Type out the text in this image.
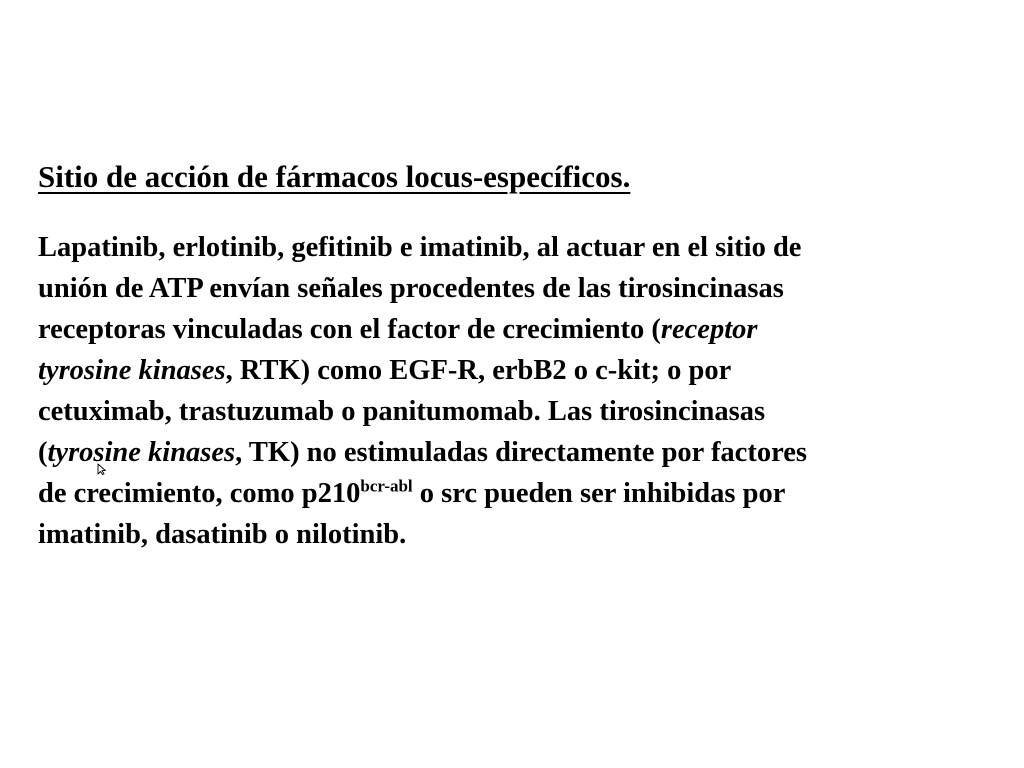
Sitio de acción de fármacos locus-específicos.
Lapatinib, erlotinib, gefitinib e imatinib, al actuar en el sitio de
unión de ATP envían señales procedentes de las tirosincinasas
receptoras vinculadas con el factor de crecimiento (receptor
tyrosine kinases, RTK) como EGF-R, erbB2 o c-kit; o por
cetuximab, trastuzumab o panitumomab. Las tirosincinasas
(tyrosine kinases, TK) no estimuladas directamente por factores
de crecimiento, como $p210^{bcr-abl}$ o src pueden ser inhibidas por
imatinib, dasatinib o nilotinib.
